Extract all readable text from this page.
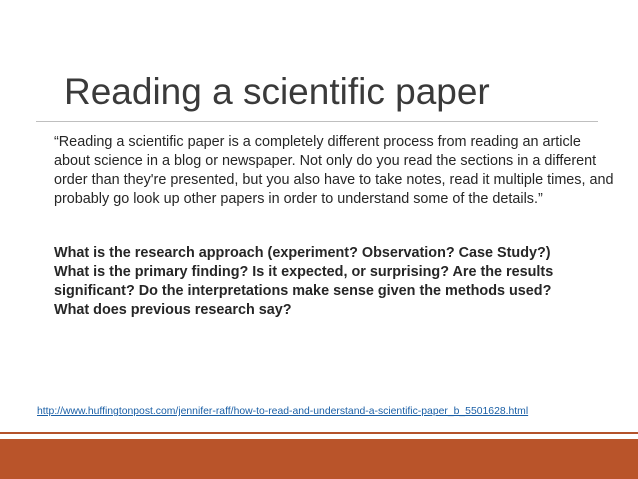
Reading a scientific paper

“Reading a scientific paper is a completely different process from reading an article about science in a blog or newspaper. Not only do you read the sections in a different order than they're presented, but you also have to take notes, read it multiple times, and probably go look up other papers in order to understand some of the details.”

What is the research approach (experiment? Observation? Case Study?)
What is the primary finding? Is it expected, or surprising? Are the results significant? Do the interpretations make sense given the methods used?
What does previous research say?
http://www.huffingtonpost.com/jennifer-raff/how-to-read-and-understand-a-scientific-paper_b_5501628.html
